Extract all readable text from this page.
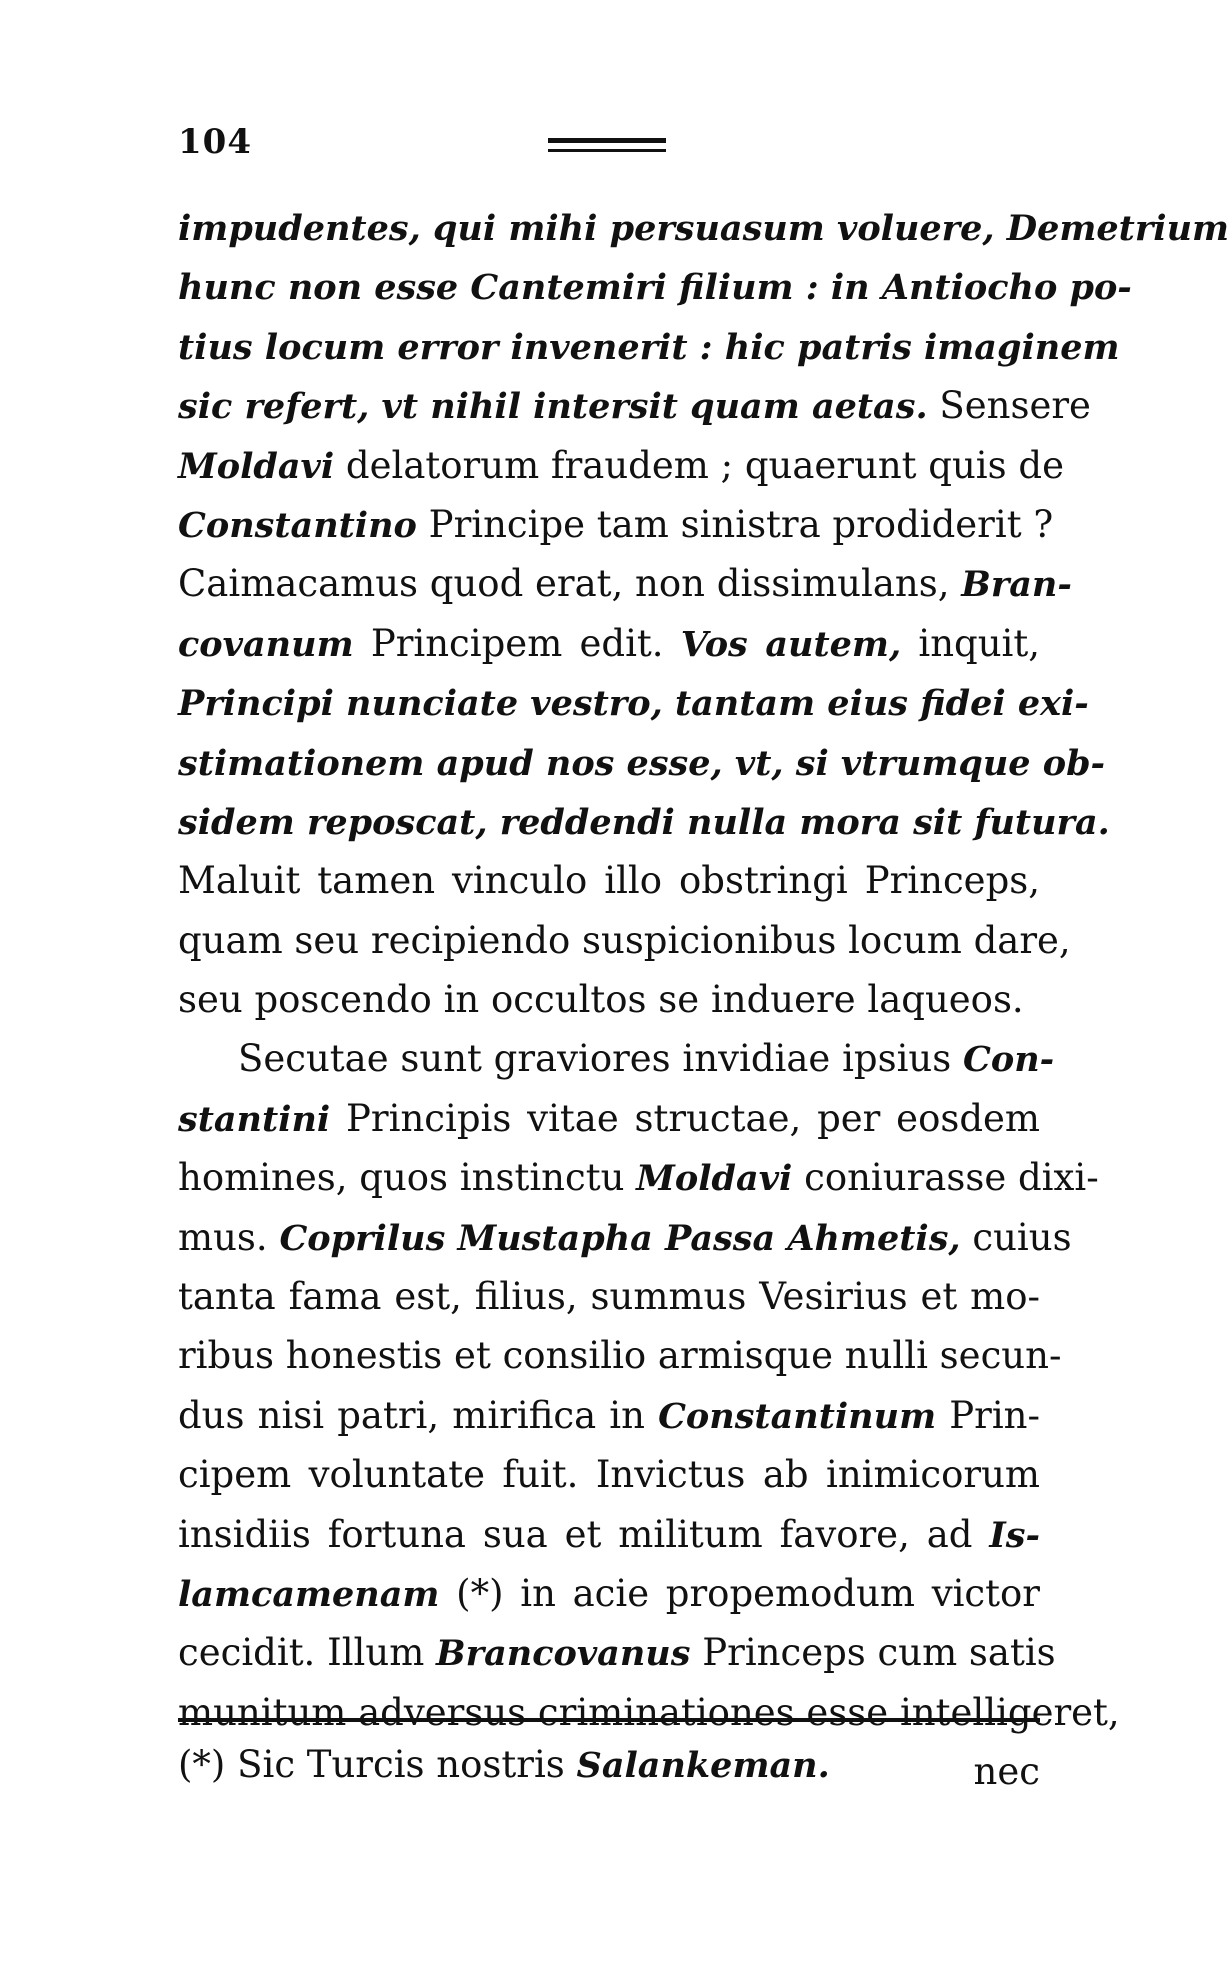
104
impudentes, qui mihi persuasum voluere, Demetrium
hunc non esse Cantemiri filium : in Antiocho po-
tius locum error invenerit : hic patris imaginem
sic refert, vt nihil intersit quam aetas. Sensere
Moldavi delatorum fraudem ; quaerunt quis de
Constantino Principe tam sinistra prodiderit ?
Caimacamus quod erat, non dissimulans, Bran-
covanum Principem edit. Vos autem, inquit,
Principi nunciate vestro, tantam eius fidei exi-
stimationem apud nos esse, vt, si vtrumque ob-
sidem reposcat, reddendi nulla mora sit futura.
Maluit tamen vinculo illo obstringi Princeps,
quam seu recipiendo suspicionibus locum dare,
seu poscendo in occultos se induere laqueos.
Secutae sunt graviores invidiae ipsius Con-
stantini Principis vitae structae, per eosdem
homines, quos instinctu Moldavi coniurasse dixi-
mus. Coprilus Mustapha Passa Ahmetis, cuius
tanta fama est, filius, summus Vesirius et mo-
ribus honestis et consilio armisque nulli secun-
dus nisi patri, mirifica in Constantinum Prin-
cipem voluntate fuit. Invictus ab inimicorum
insidiis fortuna sua et militum favore, ad Is-
lamcamenam (*) in acie propemodum victor
cecidit. Illum Brancovanus Princeps cum satis
munitum adversus criminationes esse intelligeret,
nec
(*) Sic Turcis nostris Salankeman.
